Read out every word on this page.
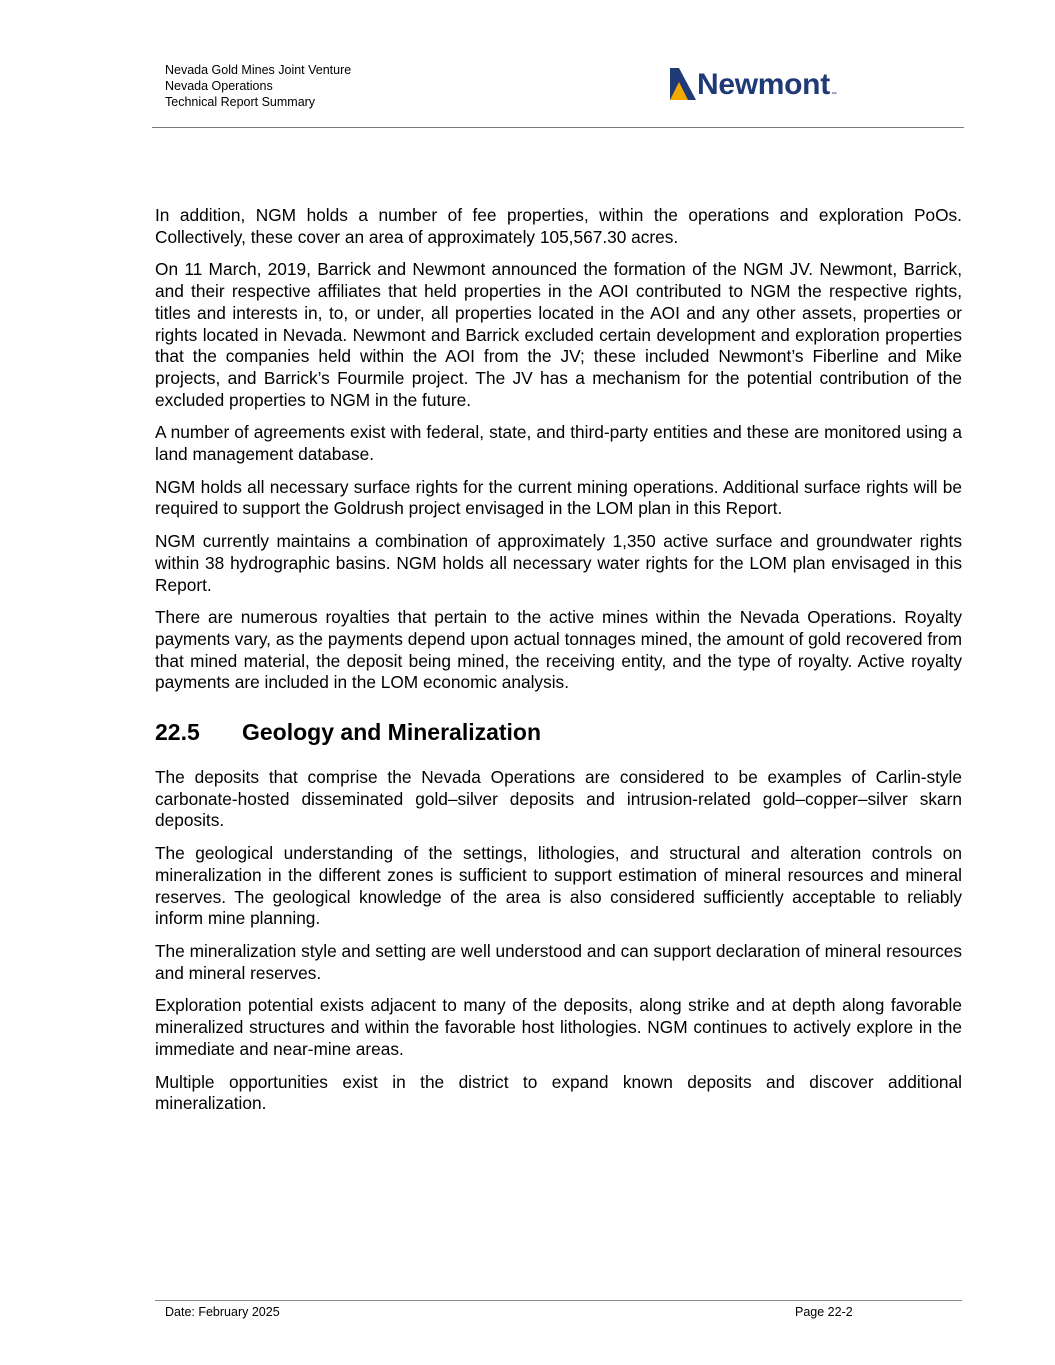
Nevada Gold Mines Joint Venture
Nevada Operations
Technical Report Summary
Newmont ™

In addition, NGM holds a number of fee properties, within the operations and exploration PoOs. Collectively, these cover an area of approximately 105,567.30 acres.

On 11 March, 2019, Barrick and Newmont announced the formation of the NGM JV. Newmont, Barrick, and their respective affiliates that held properties in the AOI contributed to NGM the respective rights, titles and interests in, to, or under, all properties located in the AOI and any other assets, properties or rights located in Nevada. Newmont and Barrick excluded certain development and exploration properties that the companies held within the AOI from the JV; these included Newmont’s Fiberline and Mike projects, and Barrick’s Fourmile project. The JV has a mechanism for the potential contribution of the excluded properties to NGM in the future.

A number of agreements exist with federal, state, and third-party entities and these are monitored using a land management database.

NGM holds all necessary surface rights for the current mining operations. Additional surface rights will be required to support the Goldrush project envisaged in the LOM plan in this Report.

NGM currently maintains a combination of approximately 1,350 active surface and groundwater rights within 38 hydrographic basins. NGM holds all necessary water rights for the LOM plan envisaged in this Report.

There are numerous royalties that pertain to the active mines within the Nevada Operations. Royalty payments vary, as the payments depend upon actual tonnages mined, the amount of gold recovered from that mined material, the deposit being mined, the receiving entity, and the type of royalty. Active royalty payments are included in the LOM economic analysis.

22.5	Geology and Mineralization

The deposits that comprise the Nevada Operations are considered to be examples of Carlin-style carbonate-hosted disseminated gold–silver deposits and intrusion-related gold–copper–silver skarn deposits.

The geological understanding of the settings, lithologies, and structural and alteration controls on mineralization in the different zones is sufficient to support estimation of mineral resources and mineral reserves. The geological knowledge of the area is also considered sufficiently acceptable to reliably inform mine planning.

The mineralization style and setting are well understood and can support declaration of mineral resources and mineral reserves.

Exploration potential exists adjacent to many of the deposits, along strike and at depth along favorable mineralized structures and within the favorable host lithologies. NGM continues to actively explore in the immediate and near-mine areas.

Multiple opportunities exist in the district to expand known deposits and discover additional mineralization.

Date: February 2025	Page 22-2
